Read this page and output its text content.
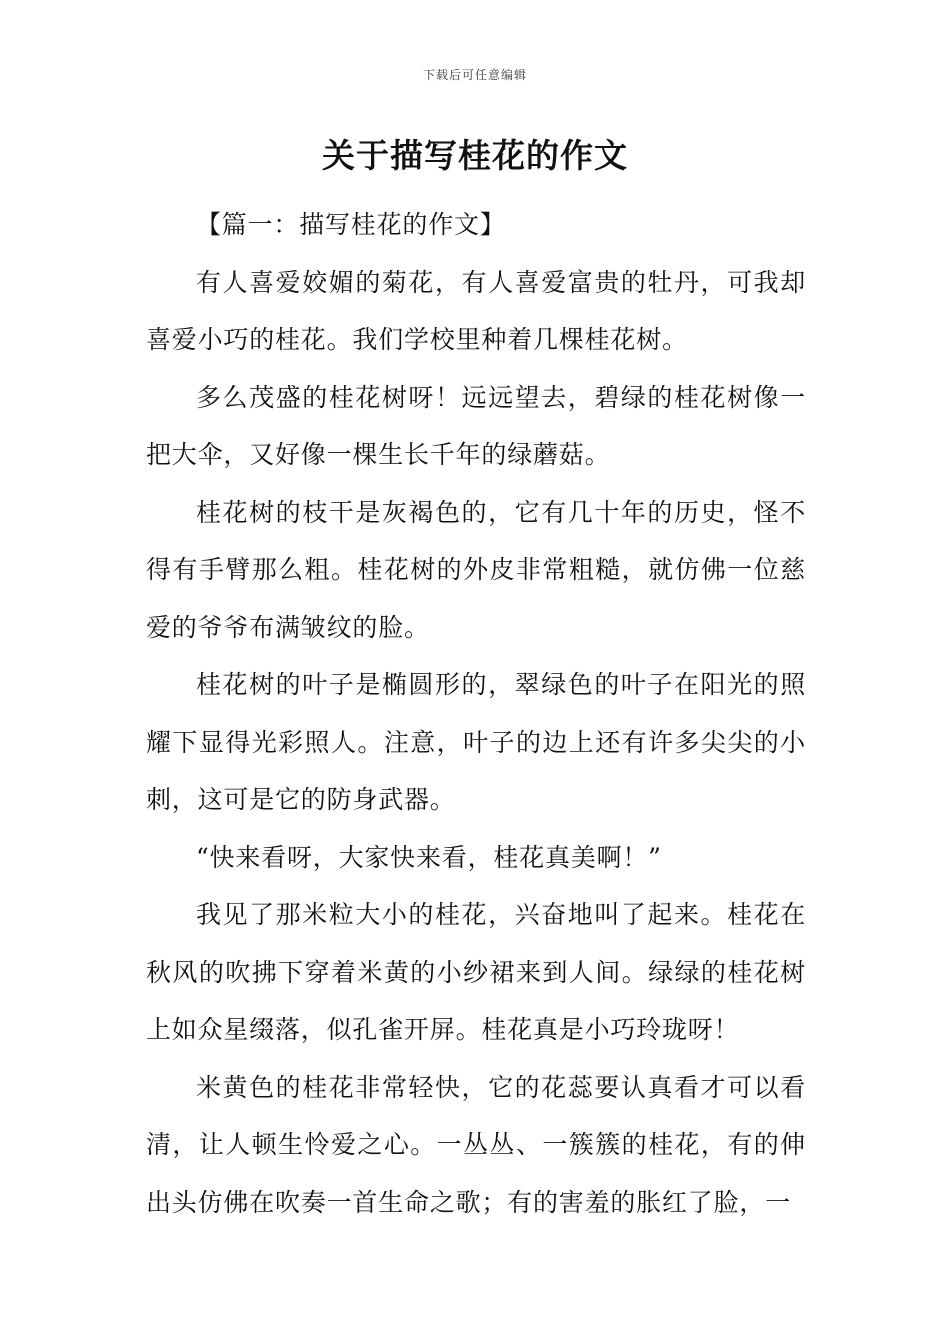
下载后可任意编辑
关于描写桂花的作文

【篇一：描写桂花的作文】

有人喜爱姣媚的菊花，有人喜爱富贵的牡丹，可我却喜爱小巧的桂花。我们学校里种着几棵桂花树。

多么茂盛的桂花树呀！远远望去，碧绿的桂花树像一把大伞，又好像一棵生长千年的绿蘑菇。

桂花树的枝干是灰褐色的，它有几十年的历史，怪不得有手臂那么粗。桂花树的外皮非常粗糙，就仿佛一位慈爱的爷爷布满皱纹的脸。

桂花树的叶子是椭圆形的，翠绿色的叶子在阳光的照耀下显得光彩照人。注意，叶子的边上还有许多尖尖的小刺，这可是它的防身武器。

“快来看呀，大家快来看，桂花真美啊！”

我见了那米粒大小的桂花，兴奋地叫了起来。桂花在秋风的吹拂下穿着米黄的小纱裙来到人间。绿绿的桂花树上如众星缀落，似孔雀开屏。桂花真是小巧玲珑呀！

米黄色的桂花非常轻快，它的花蕊要认真看才可以看清，让人顿生怜爱之心。一丛丛、一簇簇的桂花，有的伸出头仿佛在吹奏一首生命之歌；有的害羞的胀红了脸，一
